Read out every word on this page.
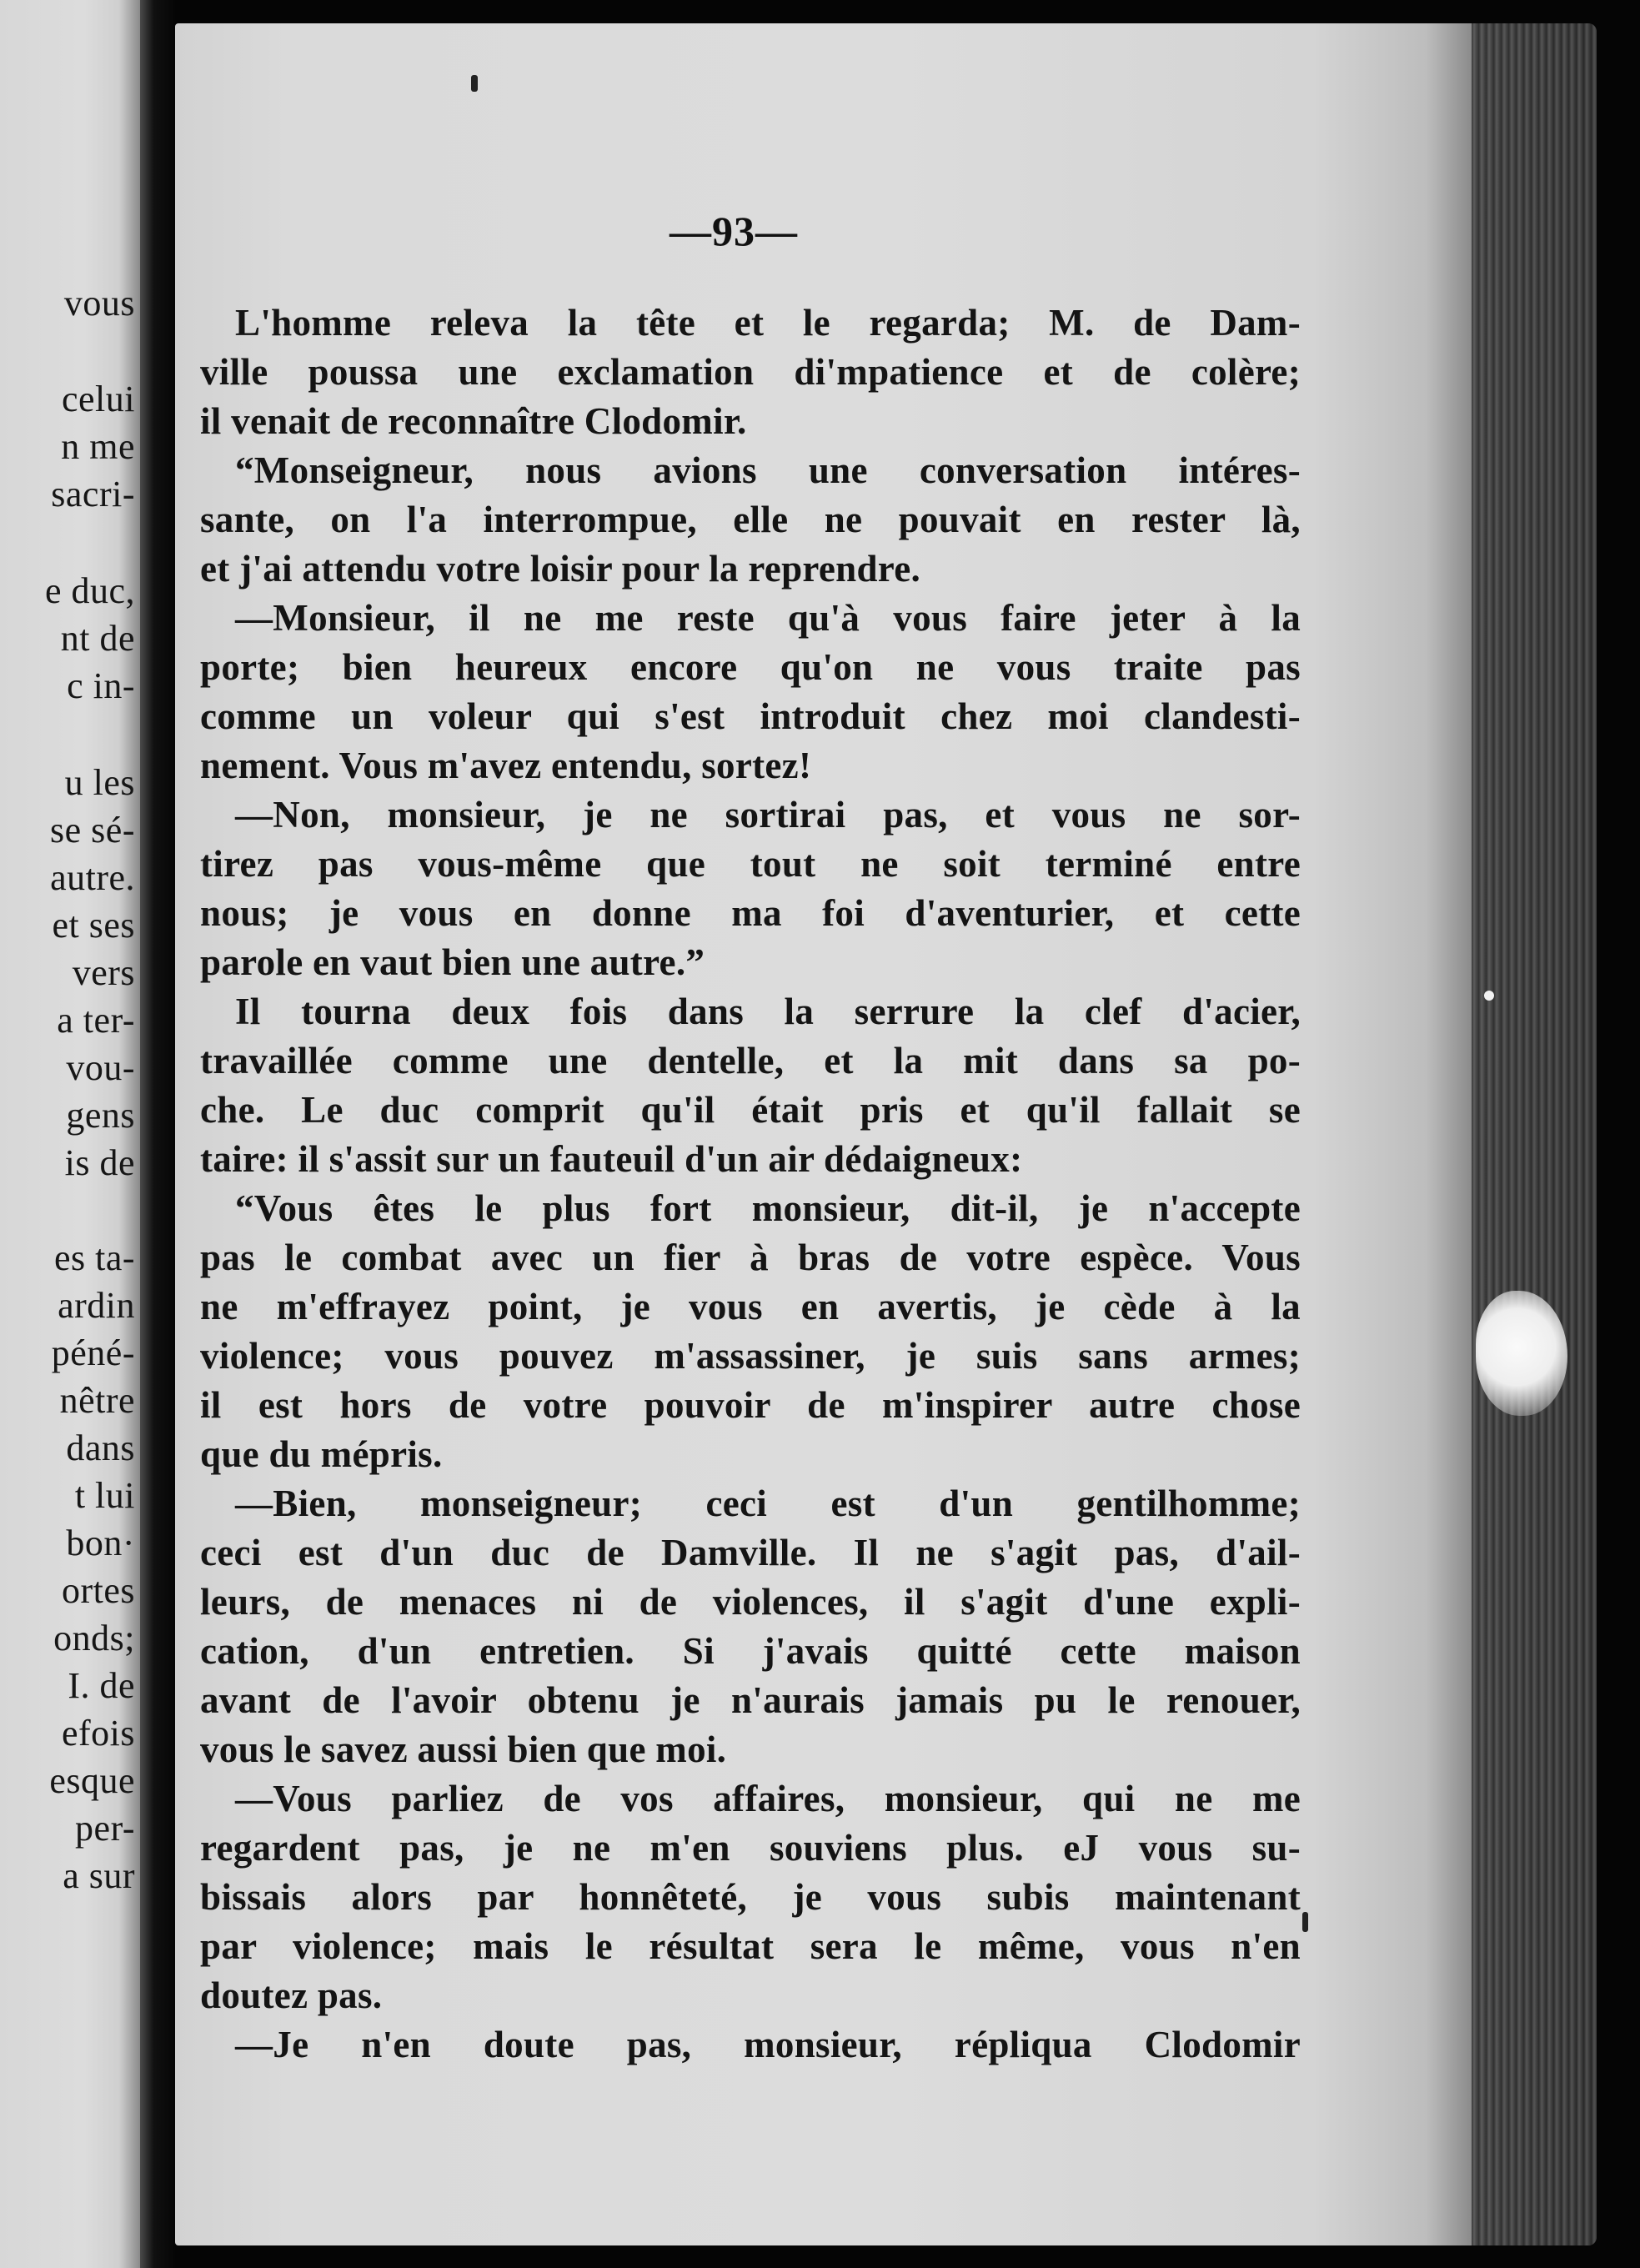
vous
celui
n me
sacri-
e duc,
nt de
c in-
u les
se sé-
autre.
et ses
vers
a ter-
vou-
gens
is de
es ta-
ardin
péné-
nêtre
dans
t lui
bon·
ortes
onds;
I. de
efois
esque
per-
a sur
—93—
L'homme releva la tête et le regarda; M. de Dam-
ville poussa une exclamation di'mpatience et de colère;
il venait de reconnaître Clodomir.
“Monseigneur, nous avions une conversation intéres-
sante, on l'a interrompue, elle ne pouvait en rester là,
et j'ai attendu votre loisir pour la reprendre.
—Monsieur, il ne me reste qu'à vous faire jeter à la
porte; bien heureux encore qu'on ne vous traite pas
comme un voleur qui s'est introduit chez moi clandesti-
nement. Vous m'avez entendu, sortez!
—Non, monsieur, je ne sortirai pas, et vous ne sor-
tirez pas vous-même que tout ne soit terminé entre
nous; je vous en donne ma foi d'aventurier, et cette
parole en vaut bien une autre.”
Il tourna deux fois dans la serrure la clef d'acier,
travaillée comme une dentelle, et la mit dans sa po-
che. Le duc comprit qu'il était pris et qu'il fallait se
taire: il s'assit sur un fauteuil d'un air dédaigneux:
“Vous êtes le plus fort monsieur, dit-il, je n'accepte
pas le combat avec un fier à bras de votre espèce. Vous
ne m'effrayez point, je vous en avertis, je cède à la
violence; vous pouvez m'assassiner, je suis sans armes;
il est hors de votre pouvoir de m'inspirer autre chose
que du mépris.
—Bien, monseigneur; ceci est d'un gentilhomme;
ceci est d'un duc de Damville. Il ne s'agit pas, d'ail-
leurs, de menaces ni de violences, il s'agit d'une expli-
cation, d'un entretien. Si j'avais quitté cette maison
avant de l'avoir obtenu je n'aurais jamais pu le renouer,
vous le savez aussi bien que moi.
—Vous parliez de vos affaires, monsieur, qui ne me
regardent pas, je ne m'en souviens plus. eJ vous su-
bissais alors par honnêteté, je vous subis maintenant
par violence; mais le résultat sera le même, vous n'en
doutez pas.
—Je n'en doute pas, monsieur, répliqua Clodomir
